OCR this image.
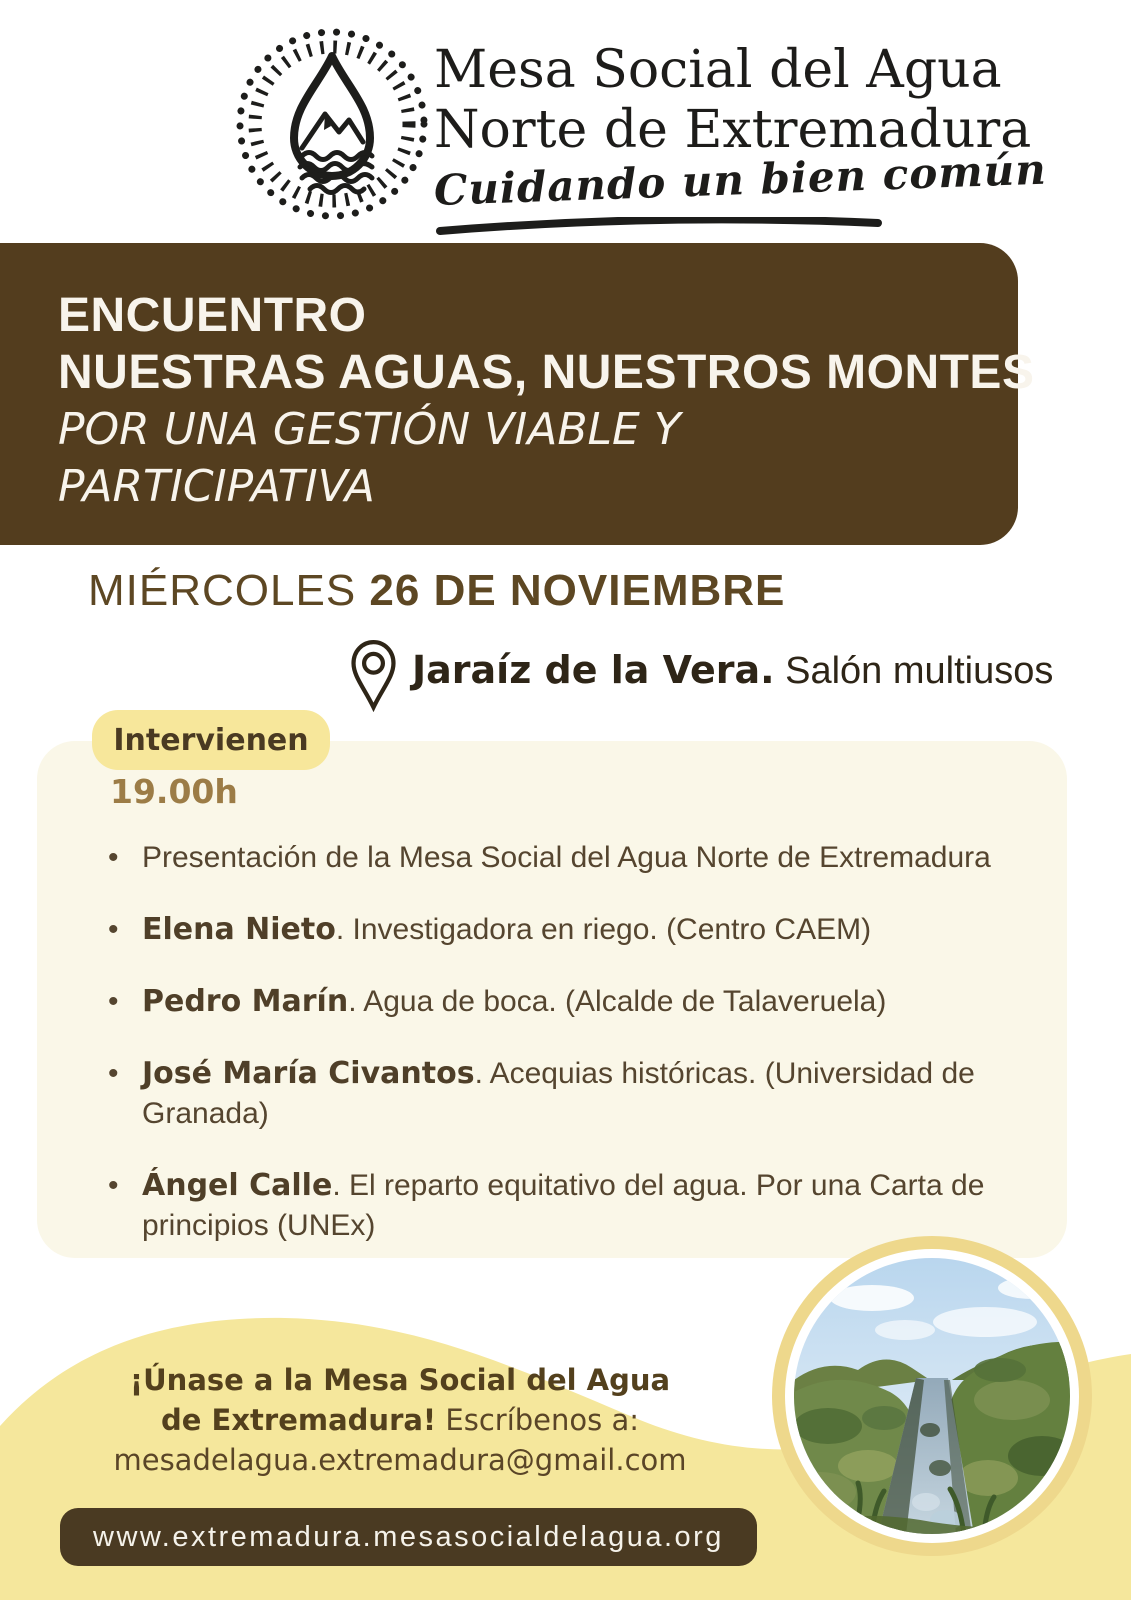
Mesa Social del Agua
Norte de Extremadura
Cuidando un bien común
ENCUENTRO
NUESTRAS AGUAS, NUESTROS MONTES
POR UNA GESTIÓN VIABLE Y
PARTICIPATIVA
MIÉRCOLES 26 DE NOVIEMBRE
Jaraíz de la Vera. Salón multiusos
Intervienen
19.00h
• Presentación de la Mesa Social del Agua Norte de Extremadura
• Elena Nieto. Investigadora en riego. (Centro CAEM)
• Pedro Marín. Agua de boca. (Alcalde de Talaveruela)
• José María Civantos. Acequias históricas. (Universidad de Granada)
• Ángel Calle. El reparto equitativo del agua. Por una Carta de principios (UNEx)
¡Únase a la Mesa Social del Agua de Extremadura! Escríbenos a:
mesadelagua.extremadura@gmail.com
www.extremadura.mesasocialdelagua.org
